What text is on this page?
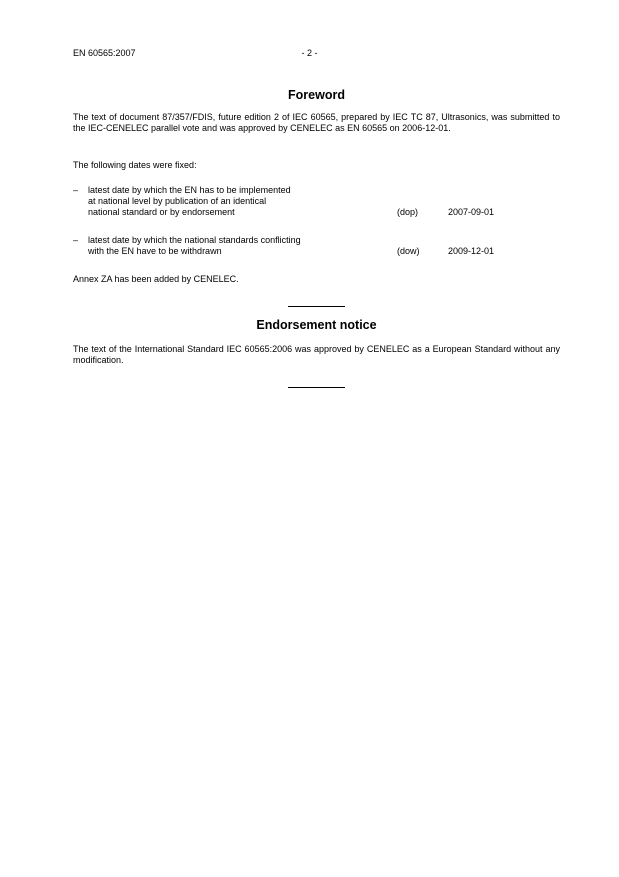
EN 60565:2007	- 2 -
Foreword
The text of document 87/357/FDIS, future edition 2 of IEC 60565, prepared by IEC TC 87, Ultrasonics, was submitted to the IEC-CENELEC parallel vote and was approved by CENELEC as EN 60565 on 2006-12-01.
The following dates were fixed:
– latest date by which the EN has to be implemented
at national level by publication of an identical
national standard or by endorsement	(dop)	2007-09-01
– latest date by which the national standards conflicting
with the EN have to be withdrawn	(dow)	2009-12-01
Annex ZA has been added by CENELEC.
Endorsement notice
The text of the International Standard IEC 60565:2006 was approved by CENELEC as a European Standard without any modification.
